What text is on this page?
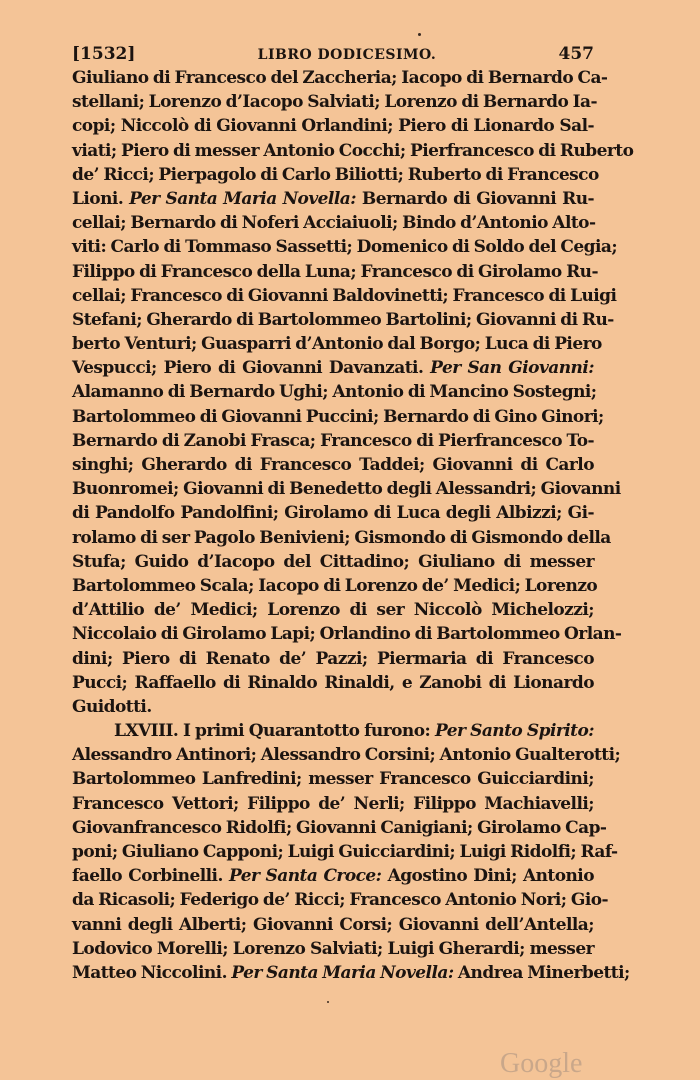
[1532]	LIBRO DODICESIMO.	457
Giuliano di Francesco del Zaccheria; Iacopo di Bernardo Ca-
stellani; Lorenzo d’Iacopo Salviati; Lorenzo di Bernardo Ia-
copi; Niccolò di Giovanni Orlandini; Piero di Lionardo Sal-
viati; Piero di messer Antonio Cocchi; Pierfrancesco di Ruberto
de’ Ricci; Pierpagolo di Carlo Biliotti; Ruberto di Francesco
Lioni. Per Santa Maria Novella: Bernardo di Giovanni Ru-
cellai; Bernardo di Noferi Acciaiuoli; Bindo d’Antonio Alto-
viti: Carlo di Tommaso Sassetti; Domenico di Soldo del Cegia;
Filippo di Francesco della Luna; Francesco di Girolamo Ru-
cellai; Francesco di Giovanni Baldovinetti; Francesco di Luigi
Stefani; Gherardo di Bartolommeo Bartolini; Giovanni di Ru-
berto Venturi; Guasparri d’Antonio dal Borgo; Luca di Piero
Vespucci; Piero di Giovanni Davanzati. Per San Giovanni:
Alamanno di Bernardo Ughi; Antonio di Mancino Sostegni;
Bartolommeo di Giovanni Puccini; Bernardo di Gino Ginori;
Bernardo di Zanobi Frasca; Francesco di Pierfrancesco To-
singhi; Gherardo di Francesco Taddei; Giovanni di Carlo
Buonromei; Giovanni di Benedetto degli Alessandri; Giovanni
di Pandolfo Pandolfini; Girolamo di Luca degli Albizzi; Gi-
rolamo di ser Pagolo Benivieni; Gismondo di Gismondo della
Stufa; Guido d’Iacopo del Cittadino; Giuliano di messer
Bartolommeo Scala; Iacopo di Lorenzo de’ Medici; Lorenzo
d’Attilio de’ Medici; Lorenzo di ser Niccolò Michelozzi;
Niccolaio di Girolamo Lapi; Orlandino di Bartolommeo Orlan-
dini; Piero di Renato de’ Pazzi; Piermaria di Francesco
Pucci; Raffaello di Rinaldo Rinaldi, e Zanobi di Lionardo
Guidotti.
LXVIII. I primi Quarantotto furono: Per Santo Spirito:
Alessandro Antinori; Alessandro Corsini; Antonio Gualterotti;
Bartolommeo Lanfredini; messer Francesco Guicciardini;
Francesco Vettori; Filippo de’ Nerli; Filippo Machiavelli;
Giovanfrancesco Ridolfi; Giovanni Canigiani; Girolamo Cap-
poni; Giuliano Capponi; Luigi Guicciardini; Luigi Ridolfi; Raf-
faello Corbinelli. Per Santa Croce: Agostino Dini; Antonio
da Ricasoli; Federigo de’ Ricci; Francesco Antonio Nori; Gio-
vanni degli Alberti; Giovanni Corsi; Giovanni dell’Antella;
Lodovico Morelli; Lorenzo Salviati; Luigi Gherardi; messer
Matteo Niccolini. Per Santa Maria Novella: Andrea Minerbetti;
Google
